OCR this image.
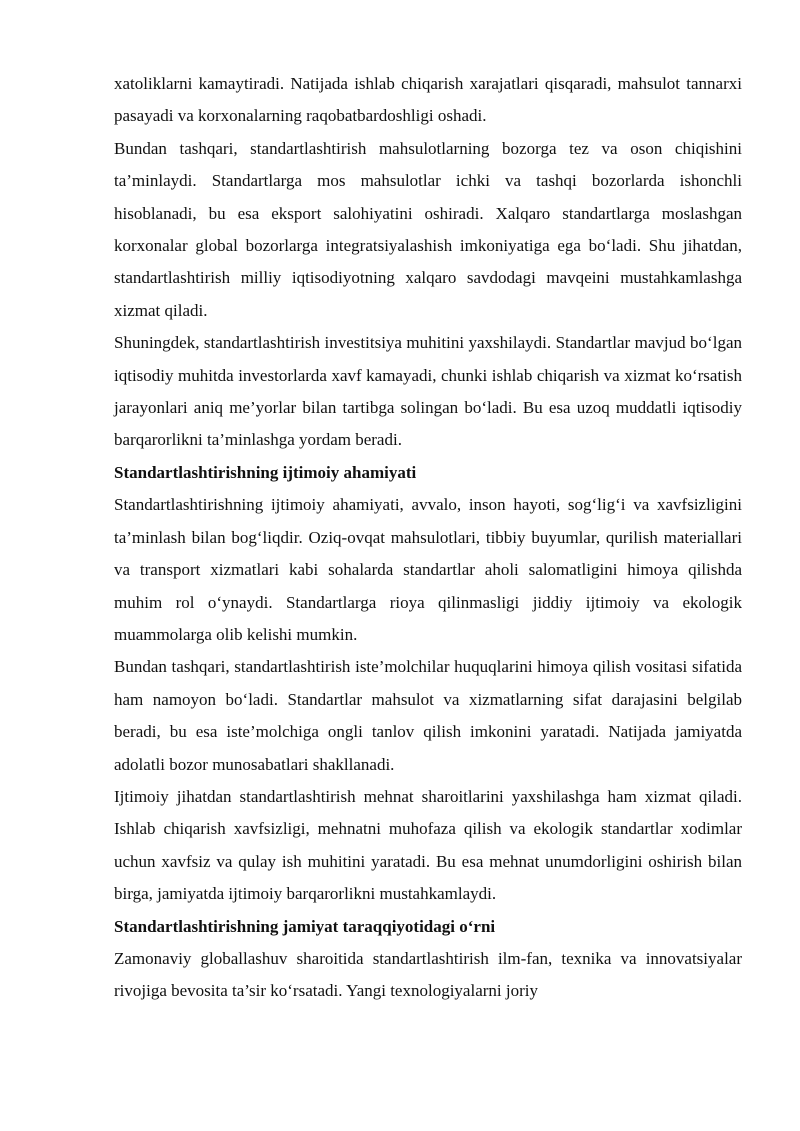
xatoliklarni kamaytiradi. Natijada ishlab chiqarish xarajatlari qisqaradi, mahsulot tannarxi pasayadi va korxonalarning raqobatbardoshligi oshadi.

Bundan tashqari, standartlashtirish mahsulotlarning bozorga tez va oson chiqishini ta’minlaydi. Standartlarga mos mahsulotlar ichki va tashqi bozorlarda ishonchli hisoblanadi, bu esa eksport salohiyatini oshiradi. Xalqaro standartlarga moslashgan korxonalar global bozorlarga integratsiyalashish imkoniyatiga ega bo‘ladi. Shu jihatdan, standartlashtirish milliy iqtisodiyotning xalqaro savdodagi mavqeini mustahkamlashga xizmat qiladi.

Shuningdek, standartlashtirish investitsiya muhitini yaxshilaydi. Standartlar mavjud bo‘lgan iqtisodiy muhitda investorlarda xavf kamayadi, chunki ishlab chiqarish va xizmat ko‘rsatish jarayonlari aniq me’yorlar bilan tartibga solingan bo‘ladi. Bu esa uzoq muddatli iqtisodiy barqarorlikni ta’minlashga yordam beradi.

Standartlashtirishning ijtimoiy ahamiyati

Standartlashtirishning ijtimoiy ahamiyati, avvalo, inson hayoti, sog‘lig‘i va xavfsizligini ta’minlash bilan bog‘liqdir. Oziq-ovqat mahsulotlari, tibbiy buyumlar, qurilish materiallari va transport xizmatlari kabi sohalarda standartlar aholi salomatligini himoya qilishda muhim rol o‘ynaydi. Standartlarga rioya qilinmasligi jiddiy ijtimoiy va ekologik muammolarga olib kelishi mumkin.

Bundan tashqari, standartlashtirish iste’molchilar huquqlarini himoya qilish vositasi sifatida ham namoyon bo‘ladi. Standartlar mahsulot va xizmatlarning sifat darajasini belgilab beradi, bu esa iste’molchiga ongli tanlov qilish imkonini yaratadi. Natijada jamiyatda adolatli bozor munosabatlari shakllanadi.

Ijtimoiy jihatdan standartlashtirish mehnat sharoitlarini yaxshilashga ham xizmat qiladi. Ishlab chiqarish xavfsizligi, mehnatni muhofaza qilish va ekologik standartlar xodimlar uchun xavfsiz va qulay ish muhitini yaratadi. Bu esa mehnat unumdorligini oshirish bilan birga, jamiyatda ijtimoiy barqarorlikni mustahkamlaydi.

Standartlashtirishning jamiyat taraqqiyotidagi o‘rni

Zamonaviy globallashuv sharoitida standartlashtirish ilm-fan, texnika va innovatsiyalar rivojiga bevosita ta’sir ko‘rsatadi. Yangi texnologiyalarni joriy
